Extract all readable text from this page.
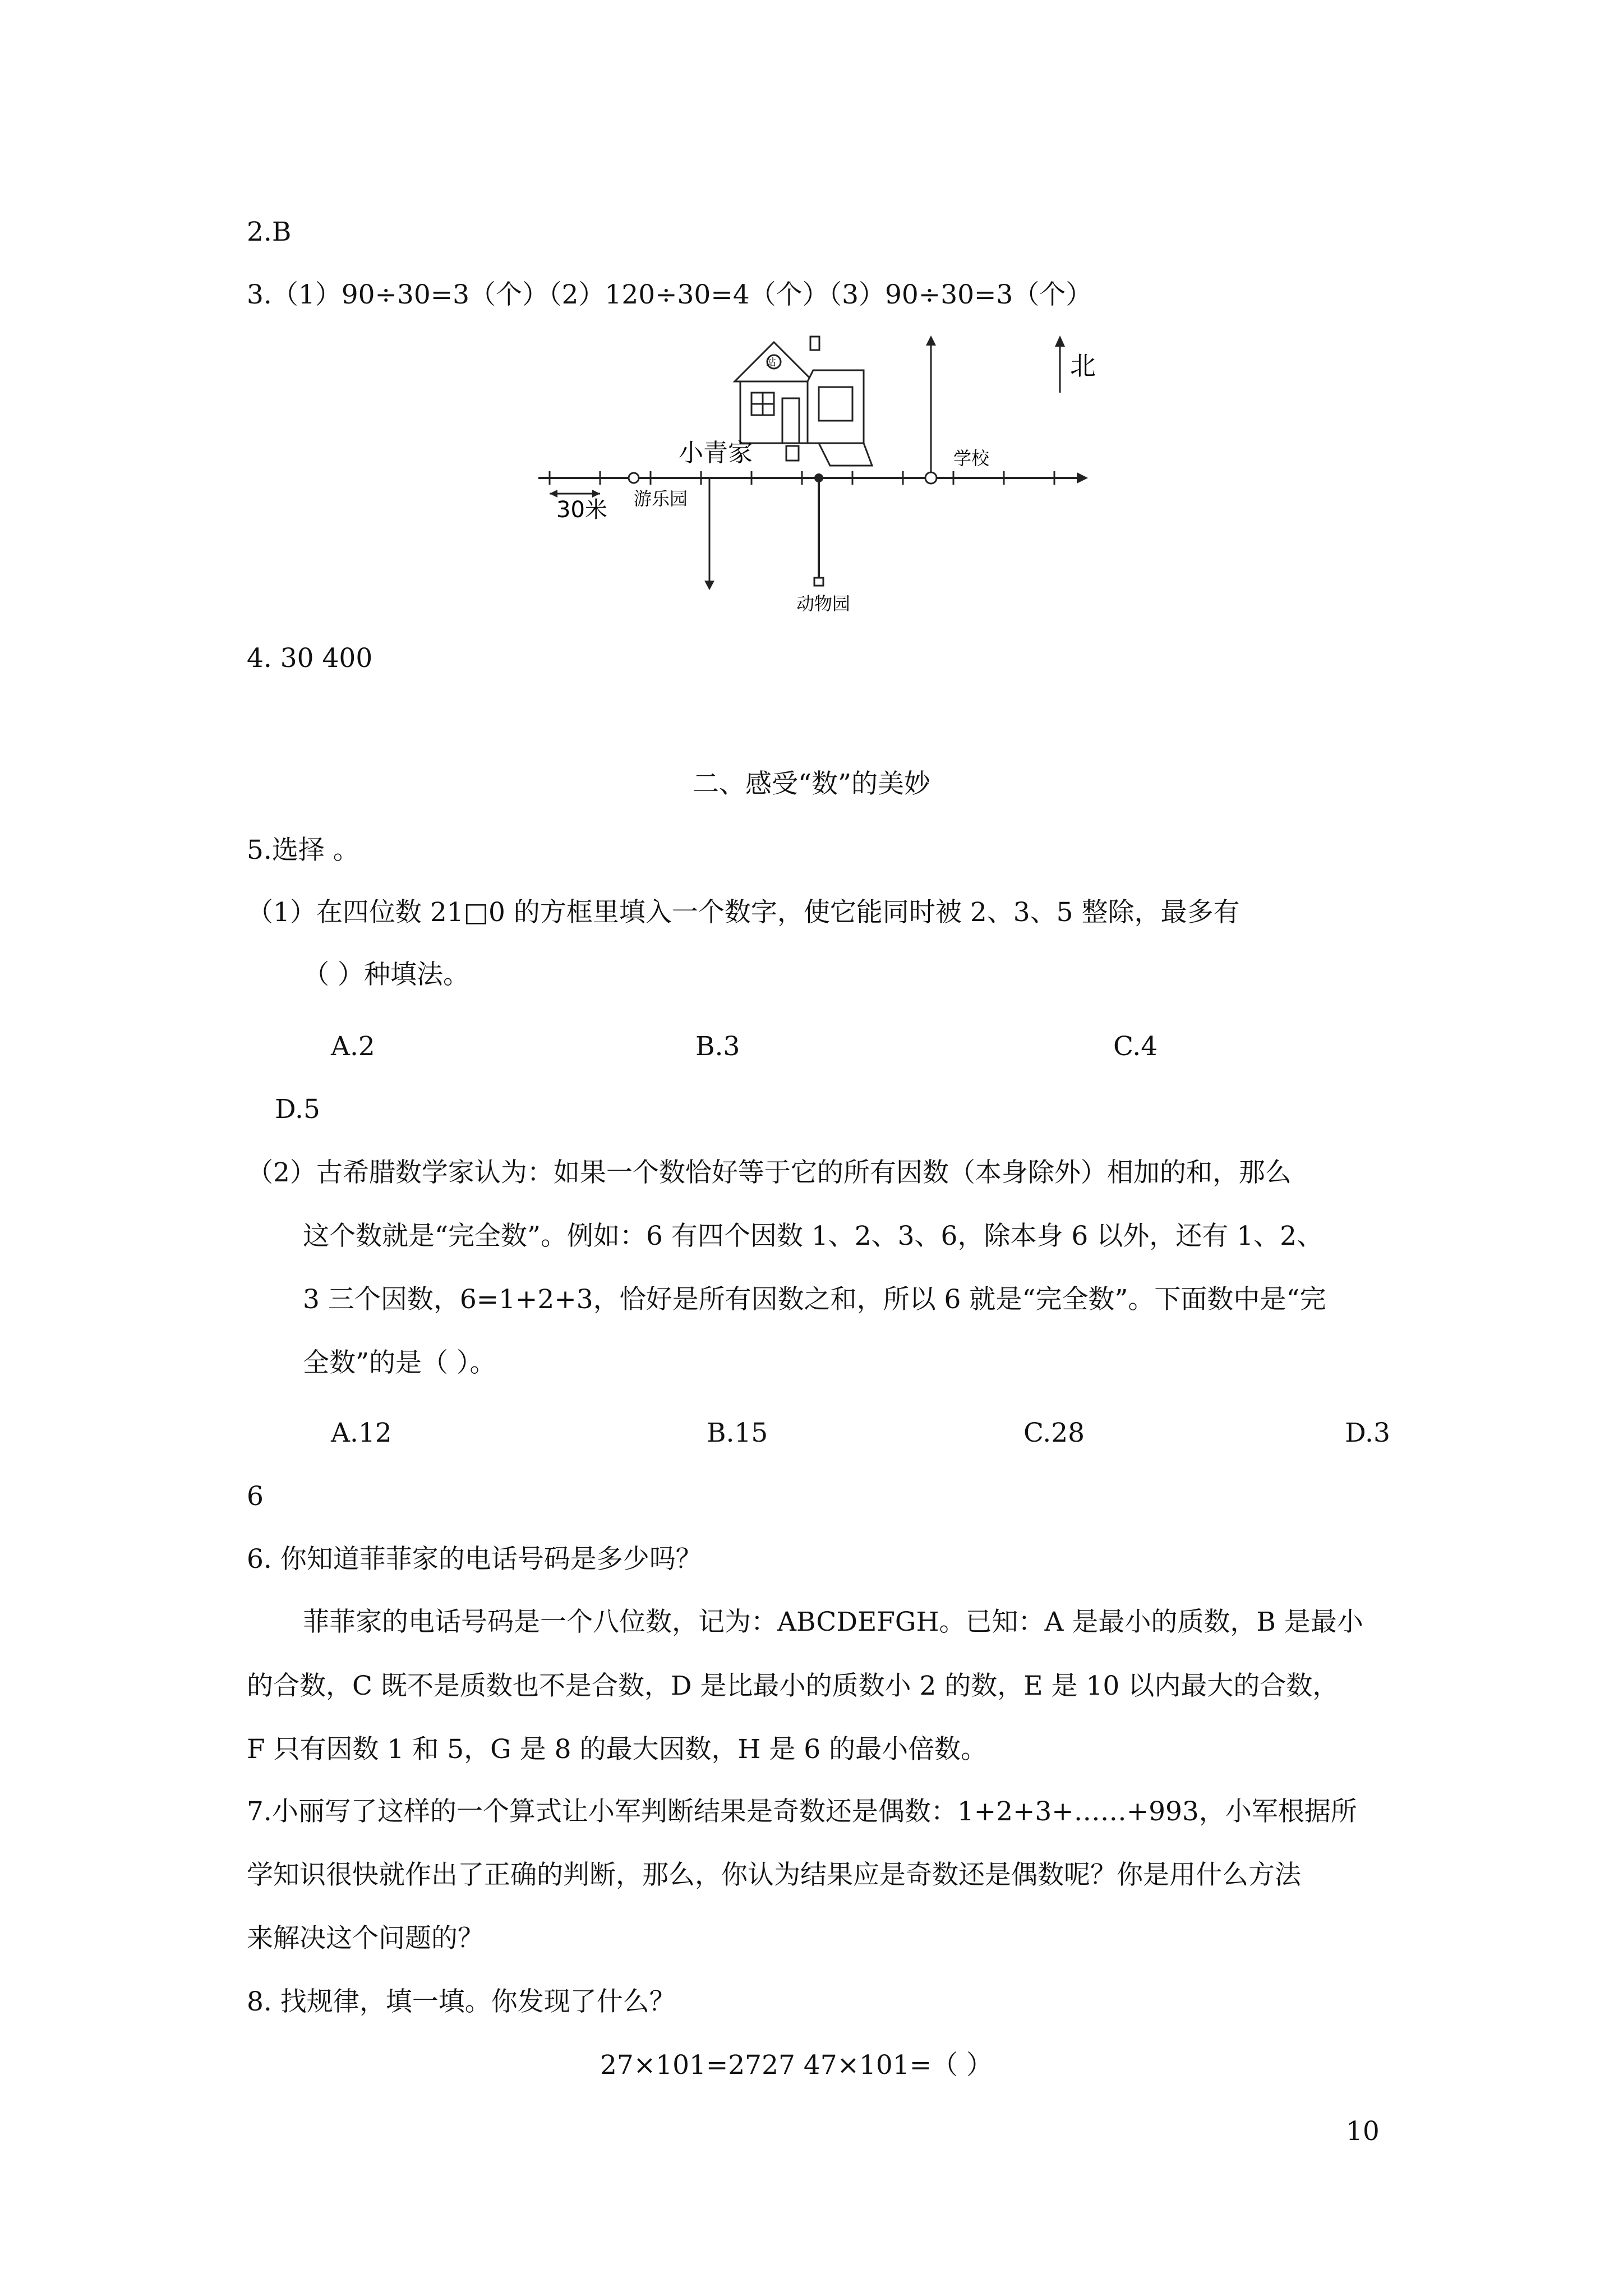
2.B
3.（1）90÷30=3（个）（2）120÷30=4（个）（3）90÷30=3（个）
30米 游乐园
动物园
学校
北
站
小青家
4. 30 400
二、感受“数”的美妙
5.选择 。
（1）在四位数 21□0 的方框里填入一个数字，使它能同时被 2、3、5 整除，最多有
（ ）种填法。
A.2	B.3	C.4
D.5
（2）古希腊数学家认为：如果一个数恰好等于它的所有因数（本身除外）相加的和，那么
这个数就是“完全数”。例如：6 有四个因数 1、2、3、6，除本身 6 以外，还有 1、2、
3 三个因数，6=1+2+3，恰好是所有因数之和，所以 6 就是“完全数”。下面数中是“完
全数”的是（ ）。
A.12	B.15	C.28	D.3
6
6. 你知道菲菲家的电话号码是多少吗？
菲菲家的电话号码是一个八位数，记为：ABCDEFGH。已知：A 是最小的质数，B 是最小
的合数，C 既不是质数也不是合数，D 是比最小的质数小 2 的数，E 是 10 以内最大的合数，
F 只有因数 1 和 5，G 是 8 的最大因数，H 是 6 的最小倍数。
7.小丽写了这样的一个算式让小军判断结果是奇数还是偶数：1+2+3+……+993，小军根据所
学知识很快就作出了正确的判断，那么，你认为结果应是奇数还是偶数呢？你是用什么方法
来解决这个问题的？
8. 找规律，填一填。你发现了什么？
27×101=2727 47×101=（ ）
10
